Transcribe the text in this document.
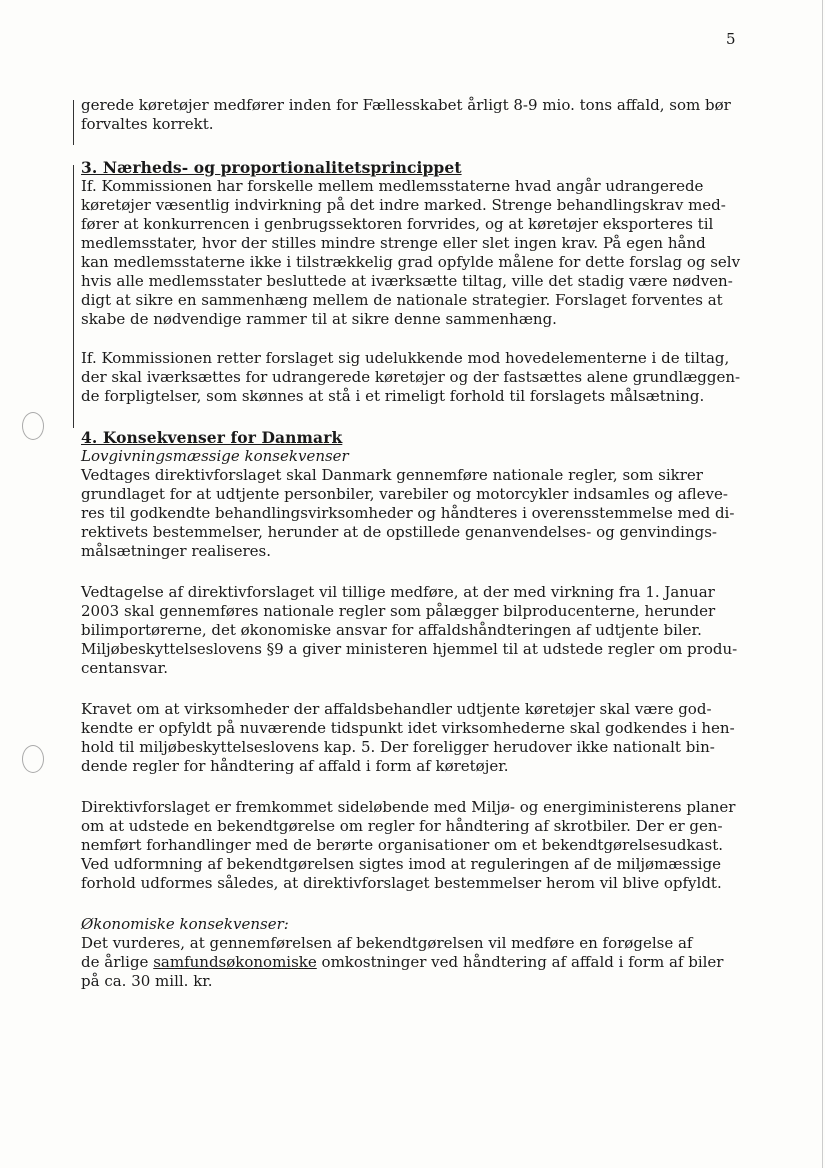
5
gerede køretøjer medfører inden for Fællesskabet årligt 8-9 mio. tons affald, som bør
forvaltes korrekt.
3. Nærheds- og proportionalitetsprincippet
If. Kommissionen har forskelle mellem medlemsstaterne hvad angår udrangerede
køretøjer væsentlig indvirkning på det indre marked. Strenge behandlingskrav med-
fører at konkurrencen i genbrugssektoren forvrides, og at køretøjer eksporteres til
medlemsstater, hvor der stilles mindre strenge eller slet ingen krav. På egen hånd
kan medlemsstaterne ikke i tilstrækkelig grad opfylde målene for dette forslag og selv
hvis alle medlemsstater besluttede at iværksætte tiltag, ville det stadig være nødven-
digt at sikre en sammenhæng mellem de nationale strategier. Forslaget forventes at
skabe de nødvendige rammer til at sikre denne sammenhæng.
If. Kommissionen retter forslaget sig udelukkende mod hovedelementerne i de tiltag,
der skal iværksættes for udrangerede køretøjer og der fastsættes alene grundlæggen-
de forpligtelser, som skønnes at stå i et rimeligt forhold til forslagets målsætning.
4. Konsekvenser for Danmark
Lovgivningsmæssige konsekvenser
Vedtages direktivforslaget skal Danmark gennemføre nationale regler, som sikrer
grundlaget for at udtjente personbiler, varebiler og motorcykler indsamles og afleve-
res til godkendte behandlingsvirksomheder og håndteres i overensstemmelse med di-
rektivets bestemmelser, herunder at de opstillede genanvendelses- og genvindings-
målsætninger realiseres.
Vedtagelse af direktivforslaget vil tillige medføre, at der med virkning fra 1. Januar
2003 skal gennemføres nationale regler som pålægger bilproducenterne, herunder
bilimportørerne, det økonomiske ansvar for affaldshåndteringen af udtjente biler.
Miljøbeskyttelseslovens §9 a giver ministeren hjemmel til at udstede regler om produ-
centansvar.
Kravet om at virksomheder der affaldsbehandler udtjente køretøjer skal være god-
kendte er opfyldt på nuværende tidspunkt idet virksomhederne skal godkendes i hen-
hold til miljøbeskyttelseslovens kap. 5. Der foreligger herudover ikke nationalt bin-
dende regler for håndtering af affald i form af køretøjer.
Direktivforslaget er fremkommet sideløbende med Miljø- og energiministerens planer
om at udstede en bekendtgørelse om regler for håndtering af skrotbiler. Der er gen-
nemført forhandlinger med de berørte organisationer om et bekendtgørelsesudkast.
Ved udformning af bekendtgørelsen sigtes imod at reguleringen af de miljømæssige
forhold udformes således, at direktivforslaget bestemmelser herom vil blive opfyldt.
Økonomiske konsekvenser:
Det vurderes, at gennemførelsen af bekendtgørelsen vil medføre en forøgelse af
de årlige samfundsøkonomiske omkostninger ved håndtering af affald i form af biler
på ca. 30 mill. kr.
